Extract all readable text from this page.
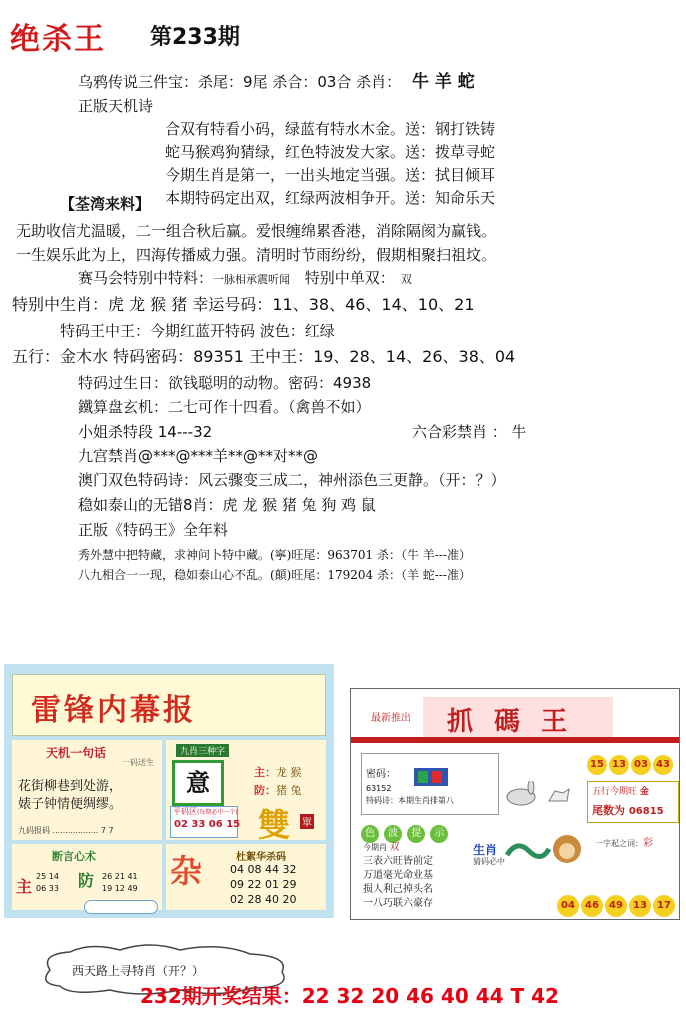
绝杀王 第233期
乌鸦传说三件宝：杀尾：9尾 杀合：03合 杀肖： 牛 羊 蛇
正版天机诗
合双有特看小码，绿蓝有特水木金。送：钢打铁铸
蛇马猴鸡狗猜绿，红色特波发大家。送：拨草寻蛇
今期生肖是第一，一出头地定当强。送：拭目倾耳
本期特码定出双，红绿两波相争开。送：知命乐天
【荃湾来料】
无助收信尤温暖，二一组合秋后赢。爱恨缠绵累香港，消除隔阂为赢钱。
一生娱乐此为上，四海传播威力强。清明时节雨纷纷，假期相聚扫祖坟。
赛马会特别中特料：一脉相承震听闻 特别中单双： 双
特别中生肖：虎 龙 猴 猪 幸运号码：11、38、46、14、10、21
特码王中王：今期红蓝开特码 波色：红绿
五行：金木水 特码密码：89351 王中王：19、28、14、26、38、04
特码过生日：欲钱聪明的动物。密码：4938
鐵算盘玄机：二七可作十四看。（禽兽不如）
小姐杀特段 14---32	六合彩禁肖 ： 牛
九宫禁肖@***@***羊**@**对**@
澳门双色特码诗：风云骤变三成二，神州添色三更静。（开：？）
稳如泰山的无错8肖：虎 龙 猴 猪 兔 狗 鸡 鼠
正版《特码王》全年料
秀外慧中把特藏，求神问卜特中藏。(寧)旺尾：963701 杀：（牛 羊---准）
八九相合一一现，稳如泰山心不乱。(顛)旺尾：179204 杀：（羊 蛇---准）
雷锋内幕报
天机一句话
一码送生
花街柳巷到处游，
婊子钟情便绸缪。
九码报码 .................. 7 7
九肖三种字
意	主：龙 猴
防：猪 兔
平码区(每期必中一个)
02 33 06 15 雙 單
断言心术
主
25 14
06 33 防 26 21 41
19 12 49 杂	杜絮华杀码
04 08 44 32
09 22 01 29
02 28 40 20
最新推出 抓 碼 王
密码：
63152
特码诗：本期生肖排第八
15 13 03 43
五行今期旺 金
尾数为 06815
色 波 提 示
今期肖 双
三表六旺皆前定
万道毫光命业基
损人利己掉头名
一八巧联六豪存
生肖
猜码必中
一字起之词：彩
04	46	49	13	17
西天路上寻特肖（开？）
232期开奖结果：22 32 20 46 40 44 T 42
